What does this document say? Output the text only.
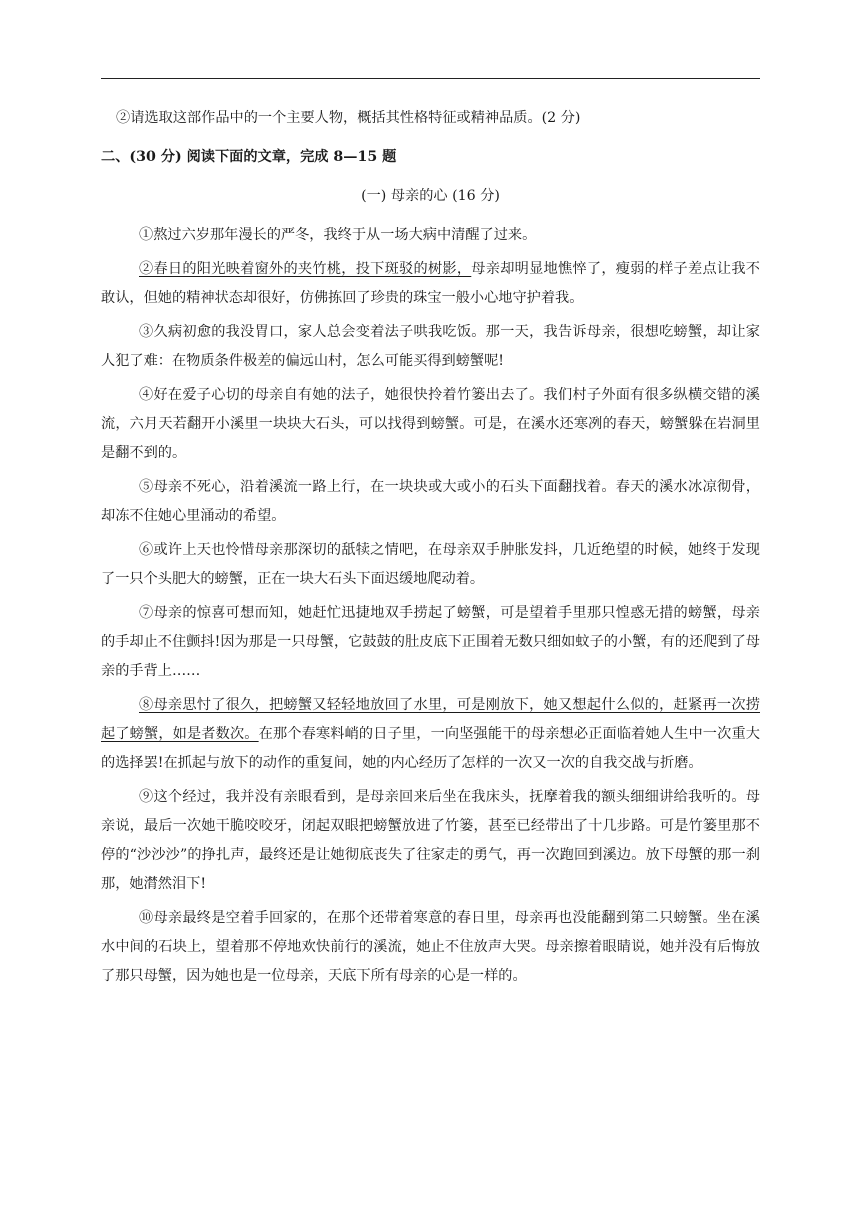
②请选取这部作品中的一个主要人物，概括其性格特征或精神品质。(2 分)

二、(30 分) 阅读下面的文章，完成 8—15 题

(一) 母亲的心 (16 分)

①熬过六岁那年漫长的严冬，我终于从一场大病中清醒了过来。

②春日的阳光映着窗外的夹竹桃，投下斑驳的树影，母亲却明显地憔悴了，瘦弱的样子差点让我不敢认，但她的精神状态却很好，仿佛拣回了珍贵的珠宝一般小心地守护着我。

③久病初愈的我没胃口，家人总会变着法子哄我吃饭。那一天，我告诉母亲，很想吃螃蟹，却让家人犯了难：在物质条件极差的偏远山村，怎么可能买得到螃蟹呢!

④好在爱子心切的母亲自有她的法子，她很快拎着竹篓出去了。我们村子外面有很多纵横交错的溪流，六月天若翻开小溪里一块块大石头，可以找得到螃蟹。可是，在溪水还寒冽的春天，螃蟹躲在岩洞里是翻不到的。

⑤母亲不死心，沿着溪流一路上行，在一块块或大或小的石头下面翻找着。春天的溪水冰凉彻骨，却冻不住她心里涌动的希望。

⑥或许上天也怜惜母亲那深切的舐犊之情吧，在母亲双手肿胀发抖，几近绝望的时候，她终于发现了一只个头肥大的螃蟹，正在一块大石头下面迟缓地爬动着。

⑦母亲的惊喜可想而知，她赶忙迅捷地双手捞起了螃蟹，可是望着手里那只惶惑无措的螃蟹，母亲的手却止不住颤抖!因为那是一只母蟹，它鼓鼓的肚皮底下正围着无数只细如蚊子的小蟹，有的还爬到了母亲的手背上……

⑧母亲思忖了很久，把螃蟹又轻轻地放回了水里，可是刚放下，她又想起什么似的，赶紧再一次捞起了螃蟹，如是者数次。在那个春寒料峭的日子里，一向坚强能干的母亲想必正面临着她人生中一次重大的选择罢!在抓起与放下的动作的重复间，她的内心经历了怎样的一次又一次的自我交战与折磨。

⑨这个经过，我并没有亲眼看到，是母亲回来后坐在我床头，抚摩着我的额头细细讲给我听的。母亲说，最后一次她干脆咬咬牙，闭起双眼把螃蟹放进了竹篓，甚至已经带出了十几步路。可是竹篓里那不停的“沙沙沙”的挣扎声，最终还是让她彻底丧失了往家走的勇气，再一次跑回到溪边。放下母蟹的那一刹那，她潸然泪下!

⑩母亲最终是空着手回家的，在那个还带着寒意的春日里，母亲再也没能翻到第二只螃蟹。坐在溪水中间的石块上，望着那不停地欢快前行的溪流，她止不住放声大哭。母亲擦着眼睛说，她并没有后悔放了那只母蟹，因为她也是一位母亲，天底下所有母亲的心是一样的。
